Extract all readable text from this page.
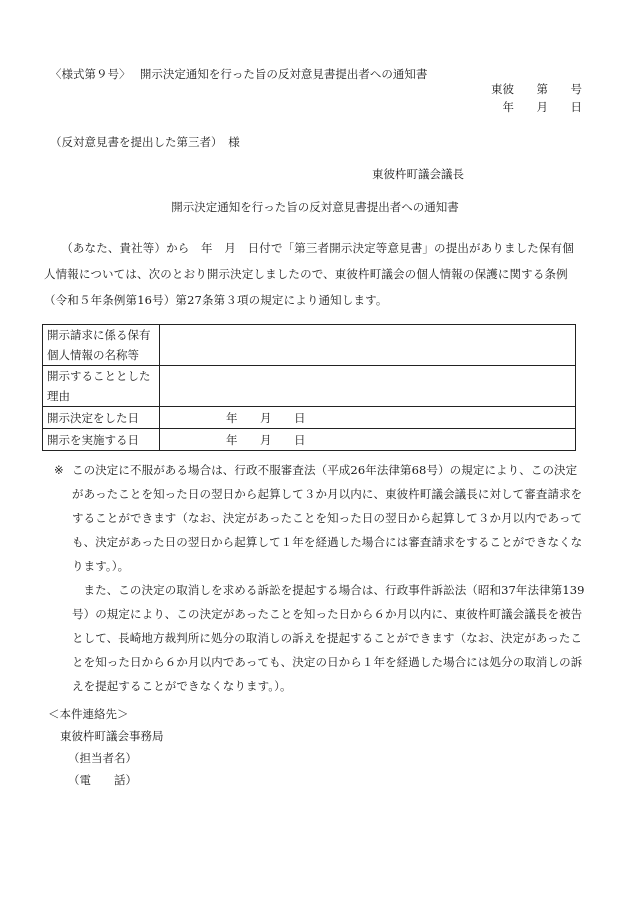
〈様式第９号〉　 開示決定通知を行った旨の反対意見書提出者への通知書
東彼	第	号
年	月	日
（反対意見書を提出した第三者）　様
東彼杵町議会議長
開示決定通知を行った旨の反対意見書提出者への通知書
（あなた、貴社等）から　年　月　日付で「第三者開示決定等意見書」の提出がありました保有個人情報については、次のとおり開示決定しましたので、東彼杵町議会の個人情報の保護に関する条例（令和５年条例第16号）第27条第３項の規定により通知します。
開示請求に係る保有個人情報の名称等	
開示することとした理由	
開示決定をした日	年 月 日
開示を実施する日	年 月 日
※ この決定に不服がある場合は、行政不服審査法（平成26年法律第68号）の規定により、この決定があったことを知った日の翌日から起算して３か月以内に、東彼杵町議会議長に対して審査請求をすることができます（なお、決定があったことを知った日の翌日から起算して３か月以内であっても、決定があった日の翌日から起算して１年を経過した場合には審査請求をすることができなくなります。）。

また、この決定の取消しを求める訴訟を提起する場合は、行政事件訴訟法（昭和37年法律第139号）の規定により、この決定があったことを知った日から６か月以内に、東彼杵町議会議長を被告として、長崎地方裁判所に処分の取消しの訴えを提起することができます（なお、決定があったことを知った日から６か月以内であっても、決定の日から１年を経過した場合には処分の取消しの訴えを提起することができなくなります。）。

＜本件連絡先＞
東彼杵町議会事務局
（担当者名）
（電　　話）
